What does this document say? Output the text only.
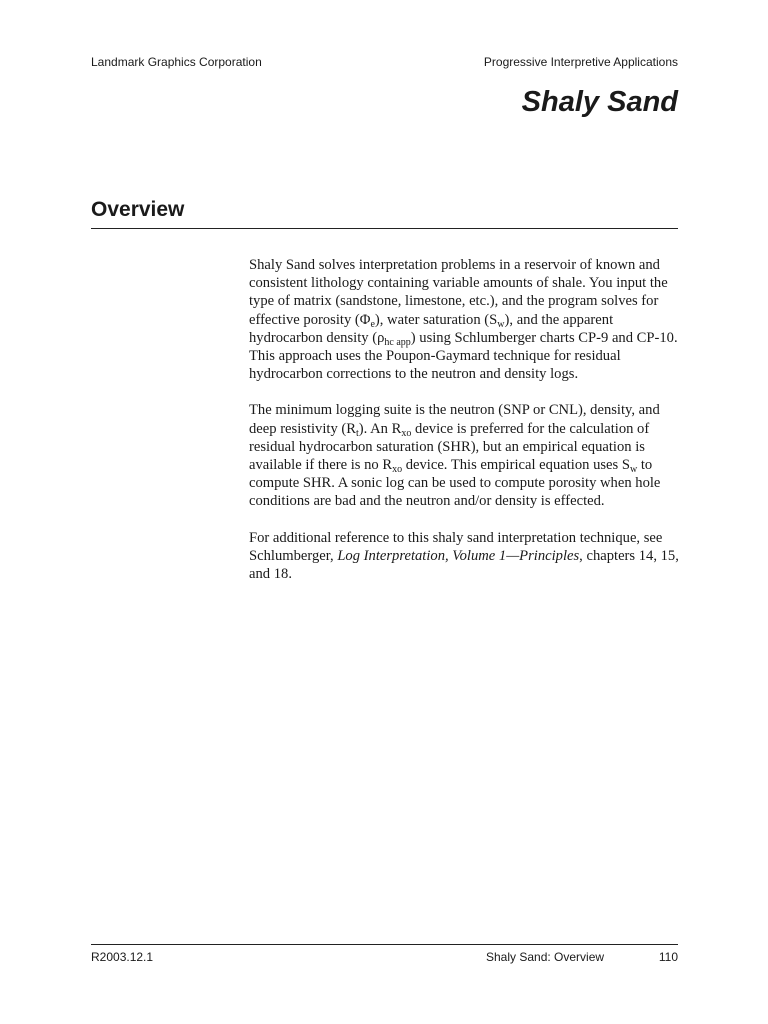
Landmark Graphics Corporation	Progressive Interpretive Applications
Shaly Sand
Overview

Shaly Sand solves interpretation problems in a reservoir of known and consistent lithology containing variable amounts of shale. You input the type of matrix (sandstone, limestone, etc.), and the program solves for effective porosity $(\Phi_e)$, water saturation $(S_w)$, and the apparent hydrocarbon density $(\rho_{hc app})$ using Schlumberger charts CP-9 and CP-10. This approach uses the Poupon-Gaymard technique for residual hydrocarbon corrections to the neutron and density logs.

The minimum logging suite is the neutron (SNP or CNL), density, and deep resistivity $(R_t)$. An $R_{xo}$ device is preferred for the calculation of residual hydrocarbon saturation (SHR), but an empirical equation is available if there is no $R_{xo}$ device. This empirical equation uses $S_w$ to compute SHR. A sonic log can be used to compute porosity when hole conditions are bad and the neutron and/or density is effected.

For additional reference to this shaly sand interpretation technique, see Schlumberger, Log Interpretation, Volume 1—Principles, chapters 14, 15, and 18.

R2003.12.1	Shaly Sand: Overview	110
